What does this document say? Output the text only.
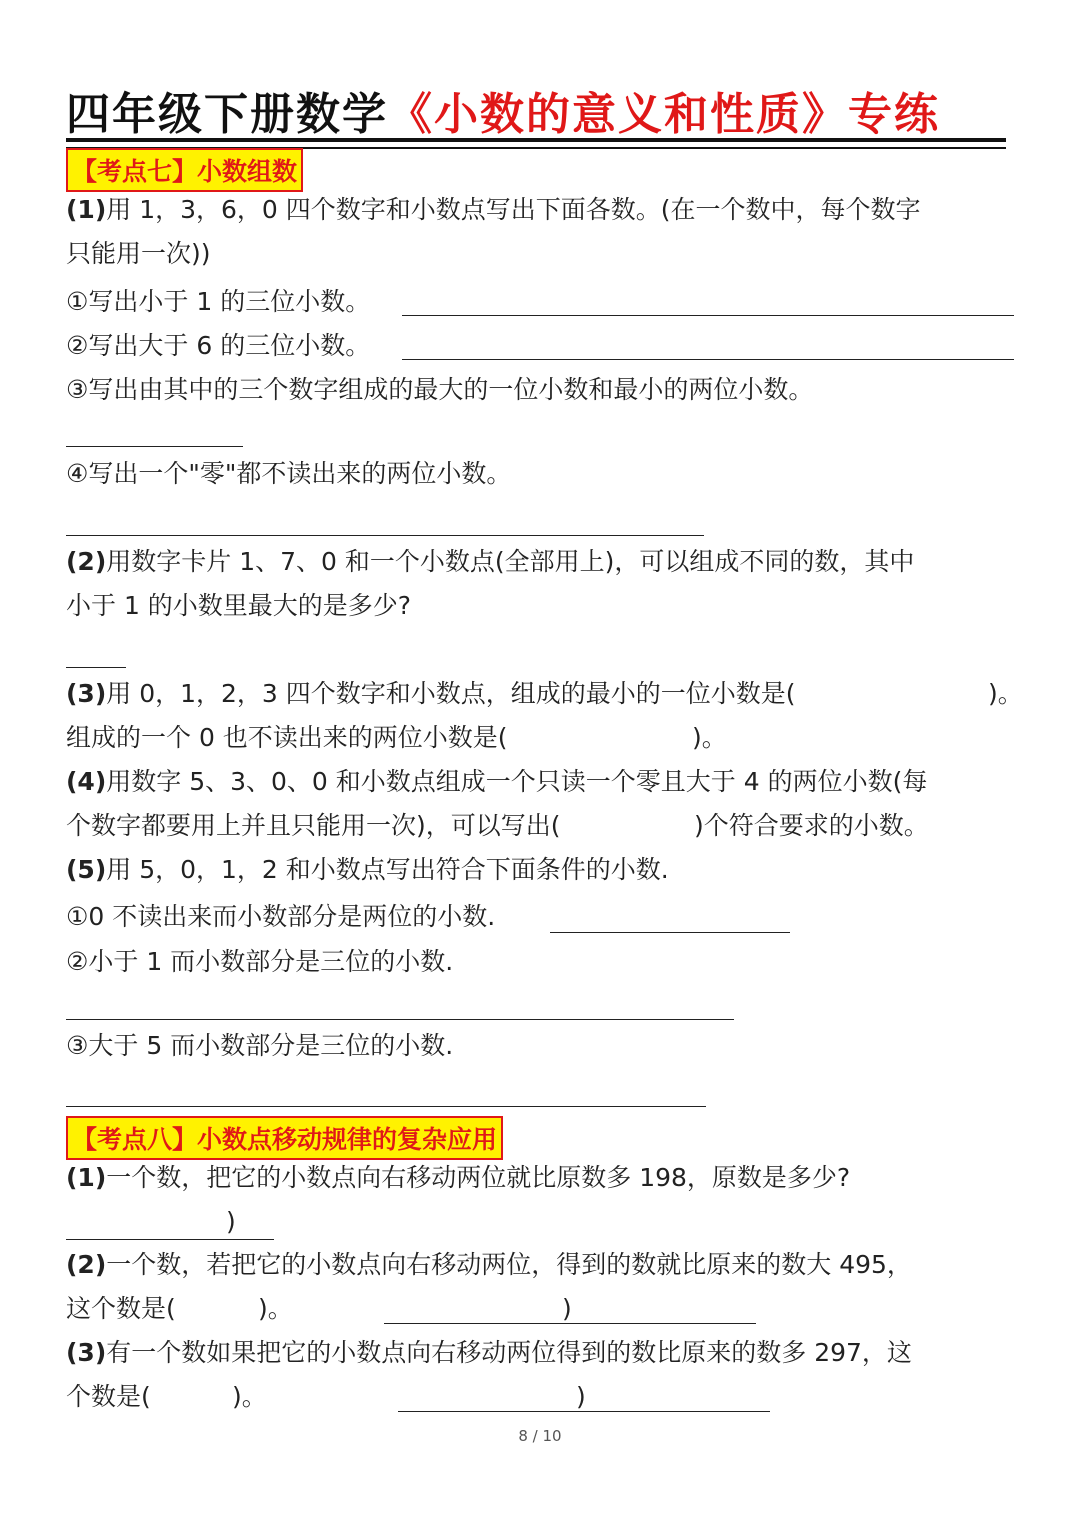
四年级下册数学《小数的意义和性质》专练
【考点七】小数组数
(1)用 1，3，6，0 四个数字和小数点写出下面各数。(在一个数中，每个数字
只能用一次))
①写出小于 1 的三位小数。
②写出大于 6 的三位小数。
③写出由其中的三个数字组成的最大的一位小数和最小的两位小数。
④写出一个"零"都不读出来的两位小数。
(2)用数字卡片 1、7、0 和一个小数点(全部用上)，可以组成不同的数，其中
小于 1 的小数里最大的是多少?
(3)用 0，1，2，3 四个数字和小数点，组成的最小的一位小数是(	)。
组成的一个 0 也不读出来的两位小数是(	)。
(4)用数字 5、3、0、0 和小数点组成一个只读一个零且大于 4 的两位小数(每
个数字都要用上并且只能用一次)，可以写出(	)个符合要求的小数。
(5)用 5，0，1，2 和小数点写出符合下面条件的小数.
①0 不读出来而小数部分是两位的小数.
②小于 1 而小数部分是三位的小数.
③大于 5 而小数部分是三位的小数.
【考点八】小数点移动规律的复杂应用
(1)一个数，把它的小数点向右移动两位就比原数多 198，原数是多少?
)
(2)一个数，若把它的小数点向右移动两位，得到的数就比原来的数大 495，
这个数是(	)。	)
(3)有一个数如果把它的小数点向右移动两位得到的数比原来的数多 297，这
个数是(	)。	)
8 / 10
